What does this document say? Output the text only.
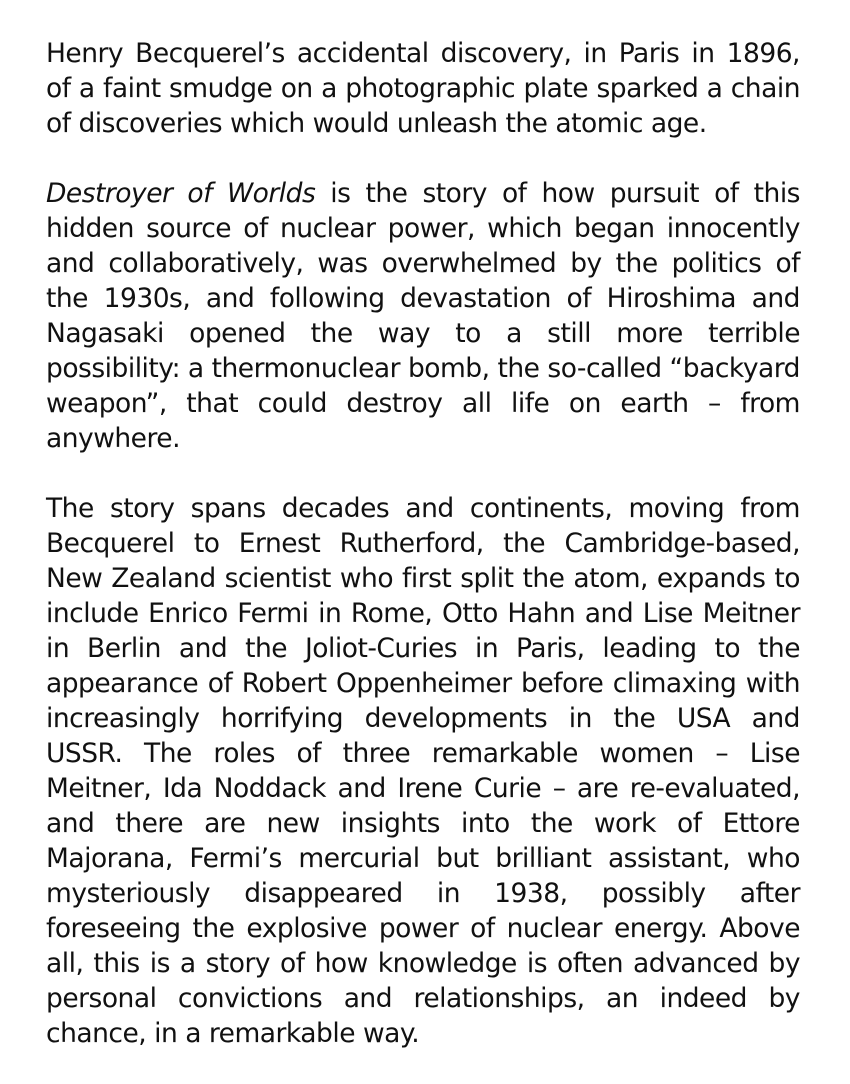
Henry Becquerel’s accidental discovery, in Paris in 1896, of a faint smudge on a photographic plate sparked a chain of discoveries which would unleash the atomic age.

Destroyer of Worlds is the story of how pursuit of this hidden source of nuclear power, which began innocently and collaboratively, was overwhelmed by the politics of the 1930s, and following devastation of Hiroshima and Nagasaki opened the way to a still more terrible possibility: a thermonuclear bomb, the so-called “backyard weapon”, that could destroy all life on earth – from anywhere.

The story spans decades and continents, moving from Becquerel to Ernest Rutherford, the Cambridge-based, New Zealand scientist who first split the atom, expands to include Enrico Fermi in Rome, Otto Hahn and Lise Meitner in Berlin and the Joliot-Curies in Paris, leading to the appearance of Robert Oppenheimer before climaxing with increasingly horrifying developments in the USA and USSR. The roles of three remarkable women – Lise Meitner, Ida Noddack and Irene Curie – are re-evaluated, and there are new insights into the work of Ettore Majorana, Fermi’s mercurial but brilliant assistant, who mysteriously disappeared in 1938, possibly after foreseeing the explosive power of nuclear energy. Above all, this is a story of how knowledge is often advanced by personal convictions and relationships, an indeed by chance, in a remarkable way.
